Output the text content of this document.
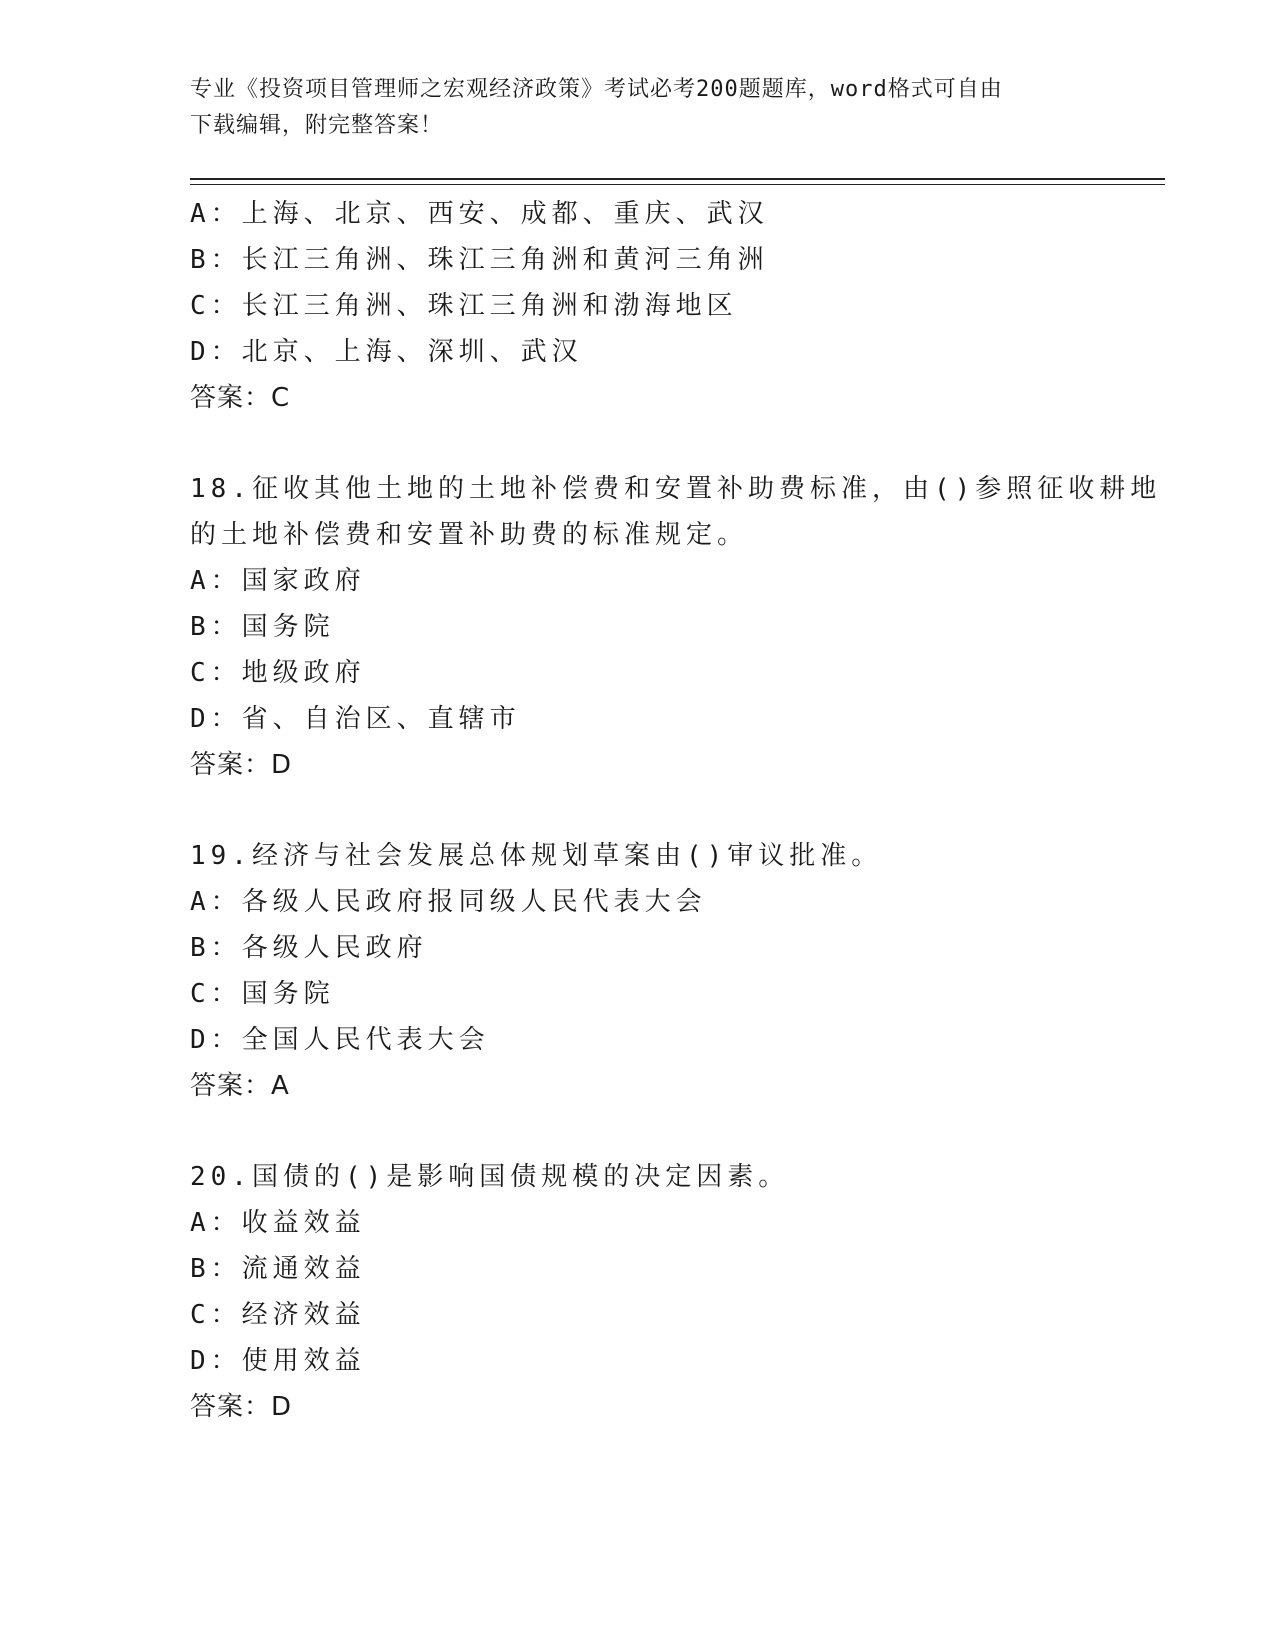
专业《投资项目管理师之宏观经济政策》考试必考200题题库，word格式可自由
下载编辑，附完整答案！
A：上海、北京、西安、成都、重庆、武汉
B：长江三角洲、珠江三角洲和黄河三角洲
C：长江三角洲、珠江三角洲和渤海地区
D：北京、上海、深圳、武汉
答案：C
18.征收其他土地的土地补偿费和安置补助费标准，由()参照征收耕地
的土地补偿费和安置补助费的标准规定。
A：国家政府
B：国务院
C：地级政府
D：省、自治区、直辖市
答案：D
19.经济与社会发展总体规划草案由()审议批准。
A：各级人民政府报同级人民代表大会
B：各级人民政府
C：国务院
D：全国人民代表大会
答案：A
20.国债的()是影响国债规模的决定因素。
A：收益效益
B：流通效益
C：经济效益
D：使用效益
答案：D
